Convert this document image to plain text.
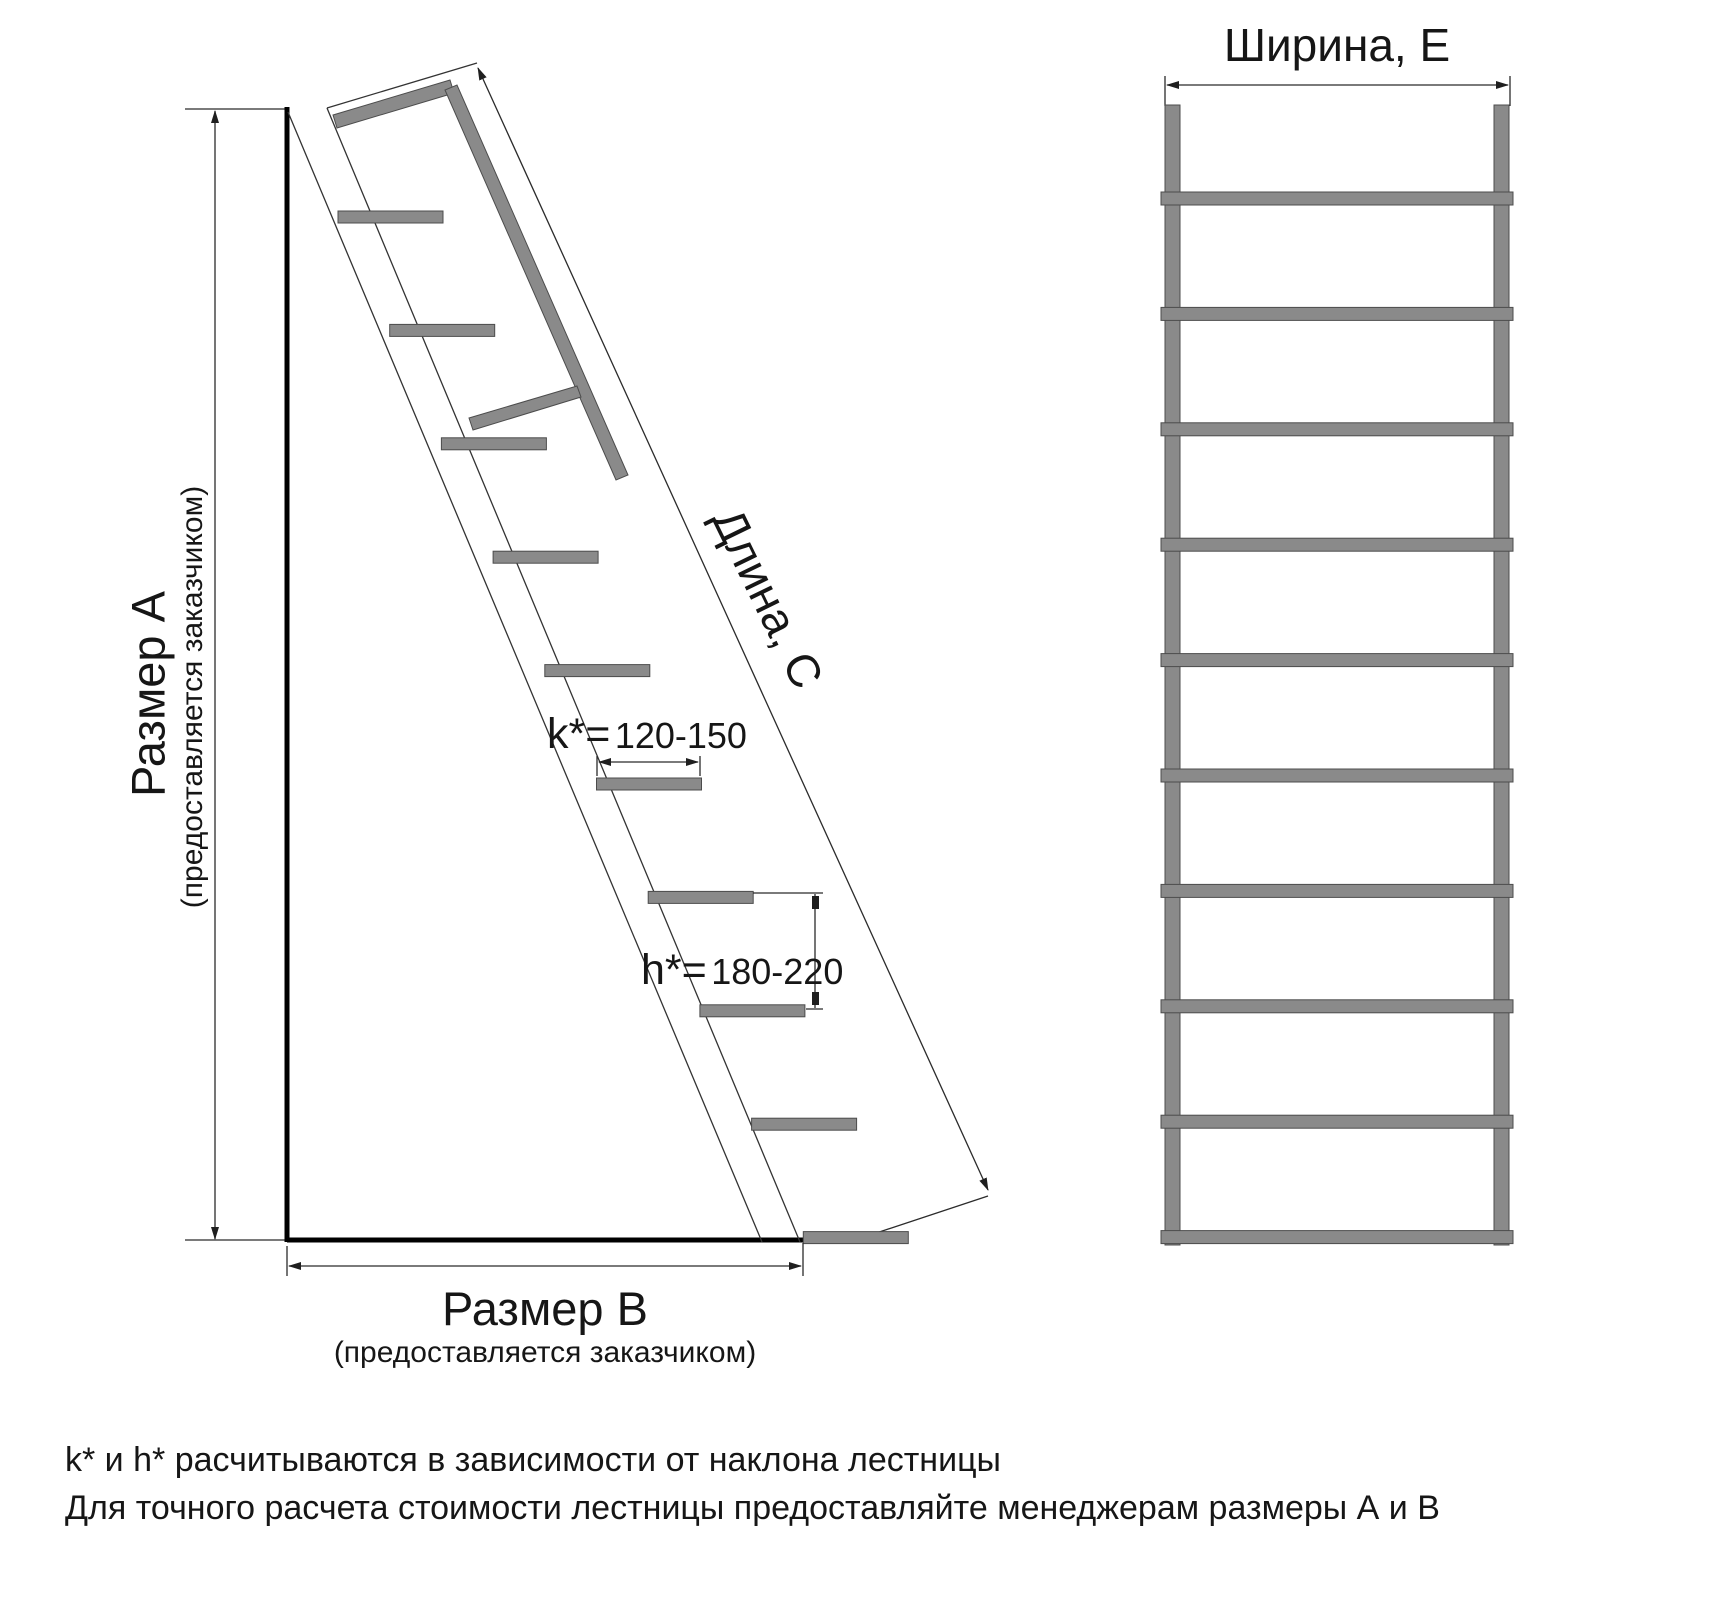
Размер А (предоставляется заказчиком)	Длина, С
k*= 120-150
h*= 180-220
Размер В
(предоставляется заказчиком)
Ширина, Е
k* и h* расчитываются в зависимости от наклона лестницы
Для точного расчета стоимости лестницы предоставляйте менеджерам размеры А и В
